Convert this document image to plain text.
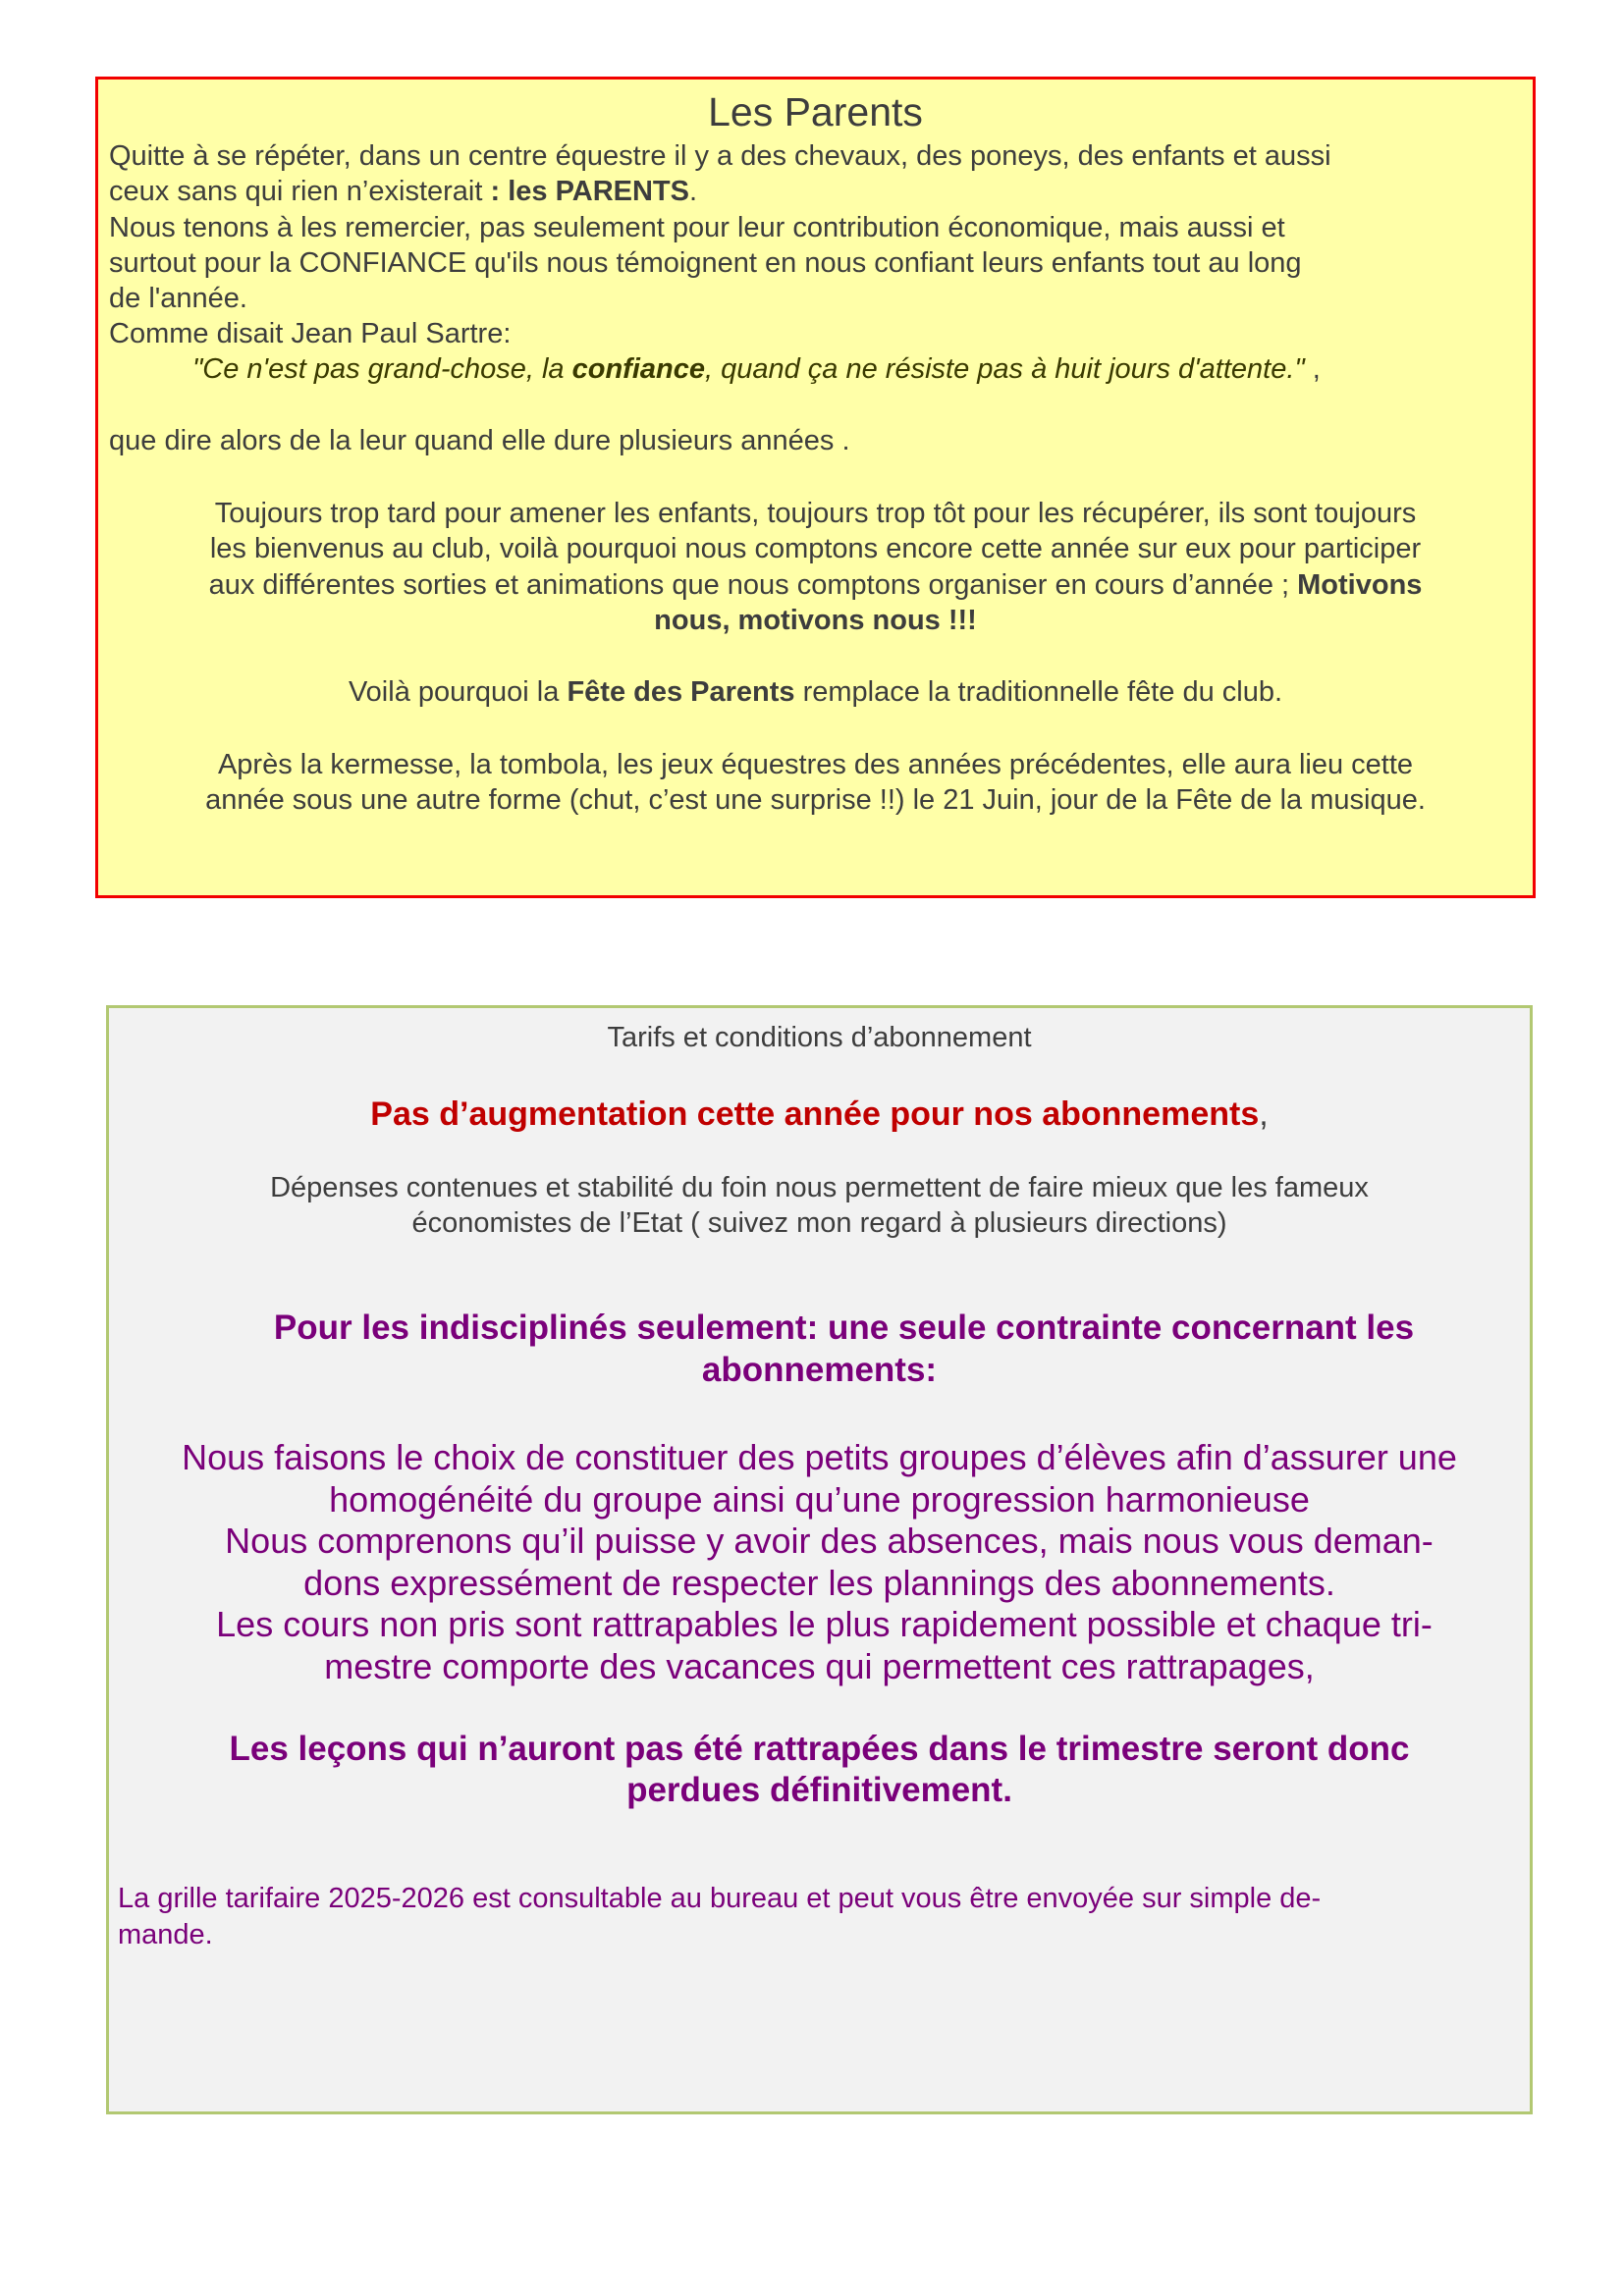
Les Parents
Quitte à se répéter, dans un centre équestre il y a des chevaux, des poneys, des enfants et aussi
ceux sans qui rien n’existerait : les PARENTS.
Nous tenons à les remercier, pas seulement pour leur contribution économique, mais aussi et
surtout pour la CONFIANCE qu'ils nous témoignent en nous confiant leurs enfants tout au long
de l'année.
Comme disait Jean Paul Sartre:
"Ce n'est pas grand-chose, la confiance, quand ça ne résiste pas à huit jours d'attente." ,
que dire alors de la leur quand elle dure plusieurs années .
Toujours trop tard pour amener les enfants, toujours trop tôt pour les récupérer, ils sont toujours
les bienvenus au club, voilà pourquoi nous comptons encore cette année sur eux pour participer
aux différentes sorties et animations que nous comptons organiser en cours d’année ; Motivons
nous, motivons nous !!!
Voilà pourquoi la Fête des Parents remplace la traditionnelle fête du club.
Après la kermesse, la tombola, les jeux équestres des années précédentes, elle aura lieu cette
année sous une autre forme (chut, c’est une surprise !!) le 21 Juin, jour de la Fête de la musique.
Tarifs et conditions d’abonnement
Pas d’augmentation cette année pour nos abonnements,
Dépenses contenues et stabilité du foin nous permettent de faire mieux que les fameux
économistes de l’Etat ( suivez mon regard à plusieurs directions)
Pour les indisciplinés seulement: une seule contrainte concernant les
abonnements:
Nous faisons le choix de constituer des petits groupes d’élèves afin d’assurer une
homogénéité du groupe ainsi qu’une progression harmonieuse
Nous comprenons qu’il puisse y avoir des absences, mais nous vous deman-
dons expressément de respecter les plannings des abonnements.
Les cours non pris sont rattrapables le plus rapidement possible et chaque tri-
mestre comporte des vacances qui permettent ces rattrapages,
Les leçons qui n’auront pas été rattrapées dans le trimestre seront donc
perdues définitivement.
La grille tarifaire 2025-2026 est consultable au bureau et peut vous être envoyée sur simple de-
mande.
